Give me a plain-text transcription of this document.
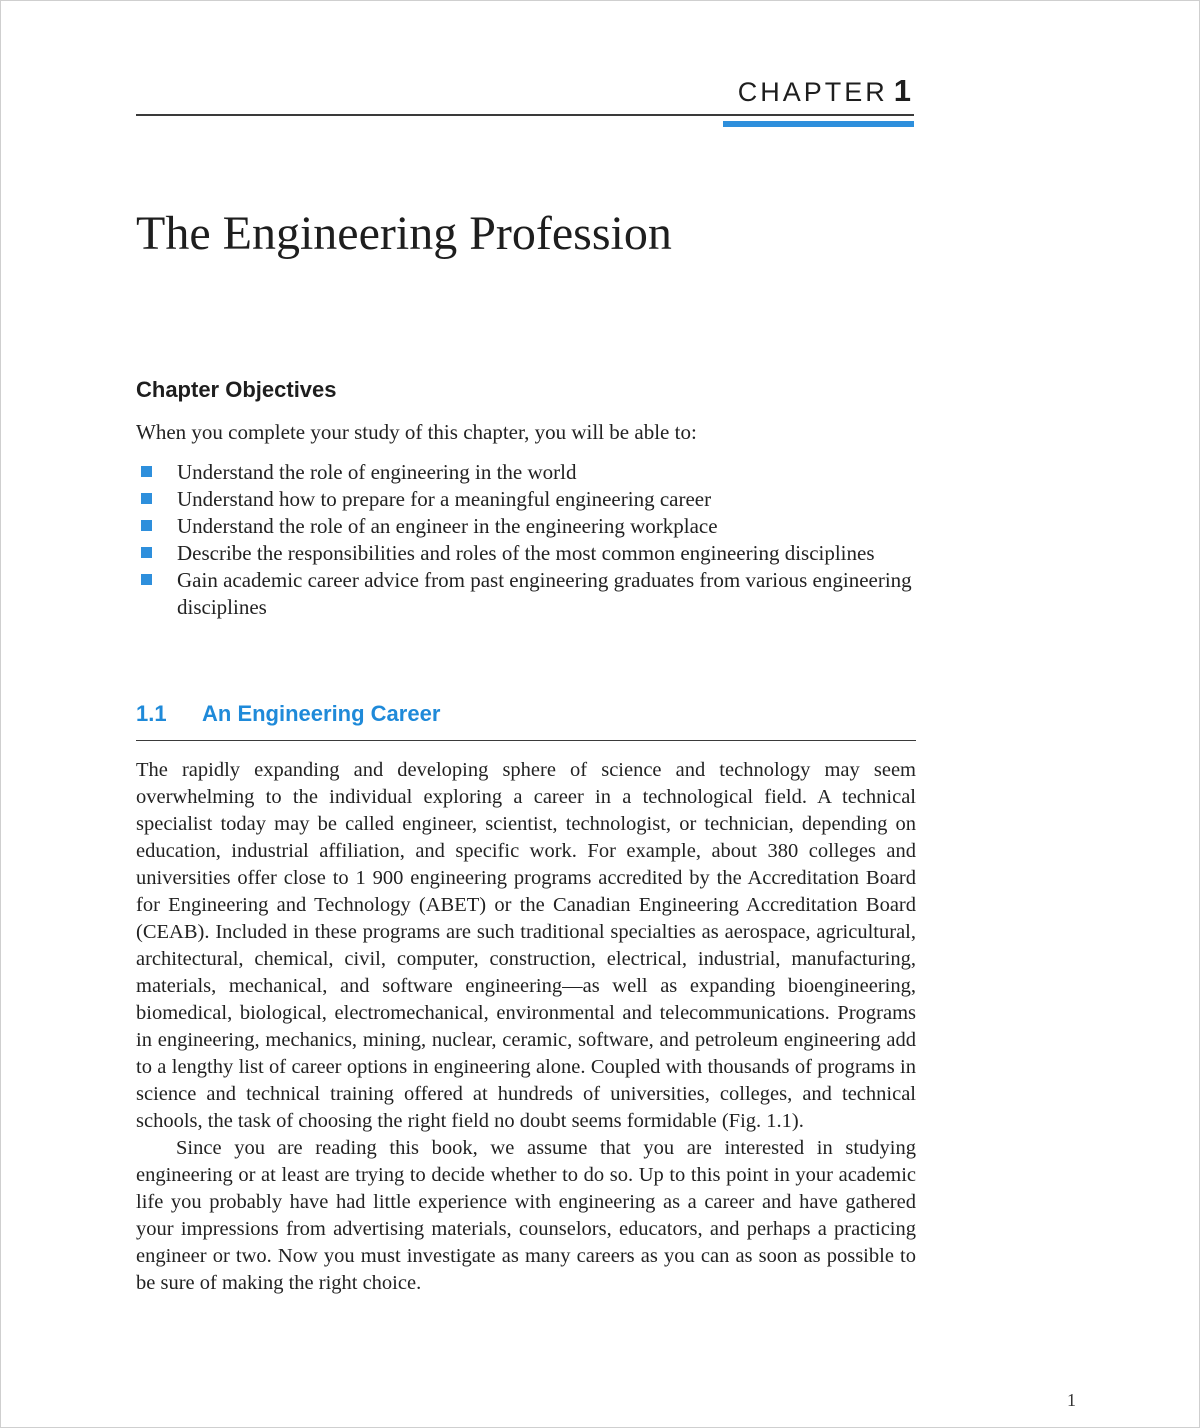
CHAPTER 1
The Engineering Profession
Chapter Objectives

When you complete your study of this chapter, you will be able to:

Understand the role of engineering in the world
Understand how to prepare for a meaningful engineering career
Understand the role of an engineer in the engineering workplace
Describe the responsibilities and roles of the most common engineering disciplines
Gain academic career advice from past engineering graduates from various engineering disciplines
1.1 An Engineering Career

The rapidly expanding and developing sphere of science and technology may seem overwhelming to the individual exploring a career in a technological field. A technical specialist today may be called engineer, scientist, technologist, or technician, depending on education, industrial affiliation, and specific work. For example, about 380 colleges and universities offer close to 1 900 engineering programs accredited by the Accreditation Board for Engineering and Technology (ABET) or the Canadian Engineering Accreditation Board (CEAB). Included in these programs are such traditional specialties as aerospace, agricultural, architectural, chemical, civil, computer, construction, electrical, industrial, manufacturing, materials, mechanical, and software engineering—as well as expanding bioengineering, biomedical, biological, electromechanical, environmental and telecommunications. Programs in engineering, mechanics, mining, nuclear, ceramic, software, and petroleum engineering add to a lengthy list of career options in engineering alone. Coupled with thousands of programs in science and technical training offered at hundreds of universities, colleges, and technical schools, the task of choosing the right field no doubt seems formidable (Fig. 1.1).

Since you are reading this book, we assume that you are interested in studying engineering or at least are trying to decide whether to do so. Up to this point in your academic life you probably have had little experience with engineering as a career and have gathered your impressions from advertising materials, counselors, educators, and perhaps a practicing engineer or two. Now you must investigate as many careers as you can as soon as possible to be sure of making the right choice.

1
